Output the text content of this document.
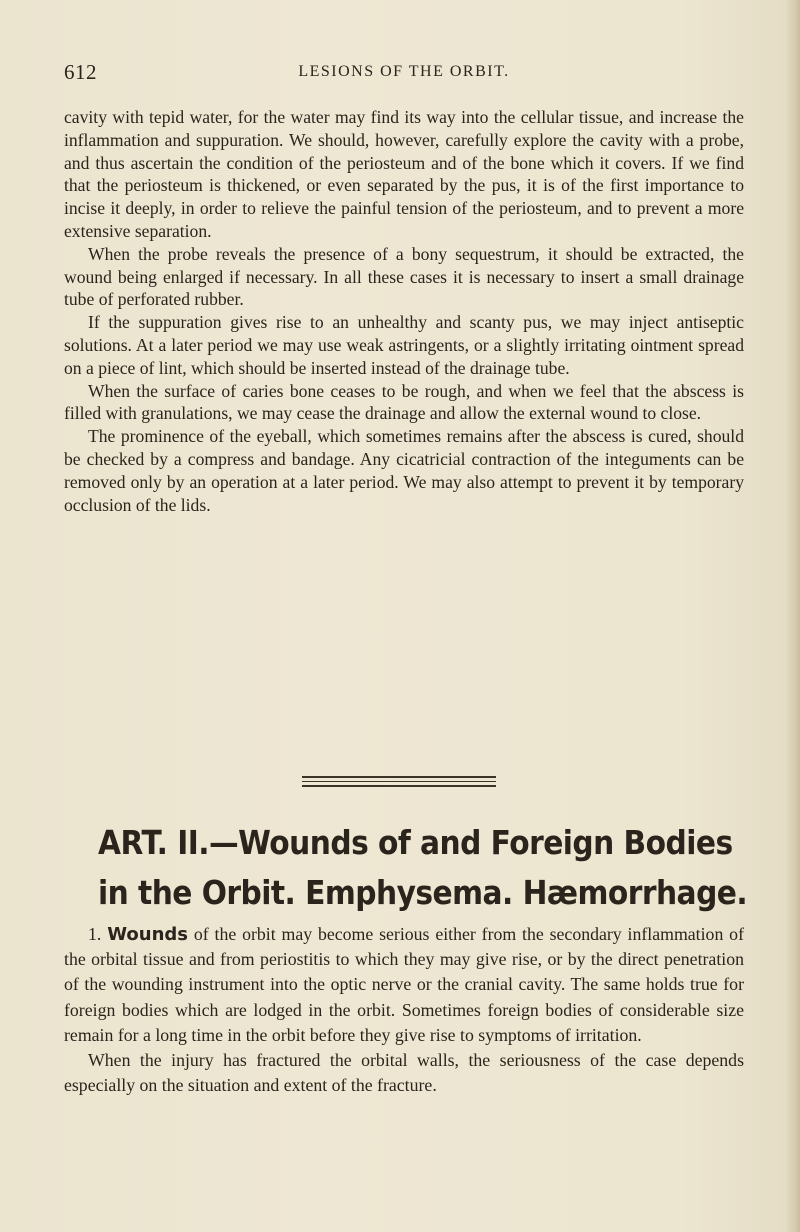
612	LESIONS OF THE ORBIT.

cavity with tepid water, for the water may find its way into the cellular tissue, and increase the inflammation and suppuration. We should, however, carefully explore the cavity with a probe, and thus ascertain the condition of the periosteum and of the bone which it covers. If we find that the periosteum is thickened, or even separated by the pus, it is of the first importance to incise it deeply, in order to relieve the painful tension of the periosteum, and to prevent a more extensive separation.

When the probe reveals the presence of a bony sequestrum, it should be extracted, the wound being enlarged if necessary. In all these cases it is necessary to insert a small drainage tube of perforated rubber.

If the suppuration gives rise to an unhealthy and scanty pus, we may inject antiseptic solutions. At a later period we may use weak astringents, or a slightly irritating ointment spread on a piece of lint, which should be inserted instead of the drainage tube.

When the surface of caries bone ceases to be rough, and when we feel that the abscess is filled with granulations, we may cease the drainage and allow the external wound to close.

The prominence of the eyeball, which sometimes remains after the abscess is cured, should be checked by a compress and bandage. Any cicatricial contraction of the integuments can be removed only by an operation at a later period. We may also attempt to prevent it by temporary occlusion of the lids.

ART. II.—Wounds of and Foreign Bodies
in the Orbit. Emphysema. Hæmorrhage.

1. Wounds of the orbit may become serious either from the secondary inflammation of the orbital tissue and from periostitis to which they may give rise, or by the direct penetration of the wounding instrument into the optic nerve or the cranial cavity. The same holds true for foreign bodies which are lodged in the orbit. Sometimes foreign bodies of considerable size remain for a long time in the orbit before they give rise to symptoms of irritation.

When the injury has fractured the orbital walls, the seriousness of the case depends especially on the situation and extent of the fracture.
